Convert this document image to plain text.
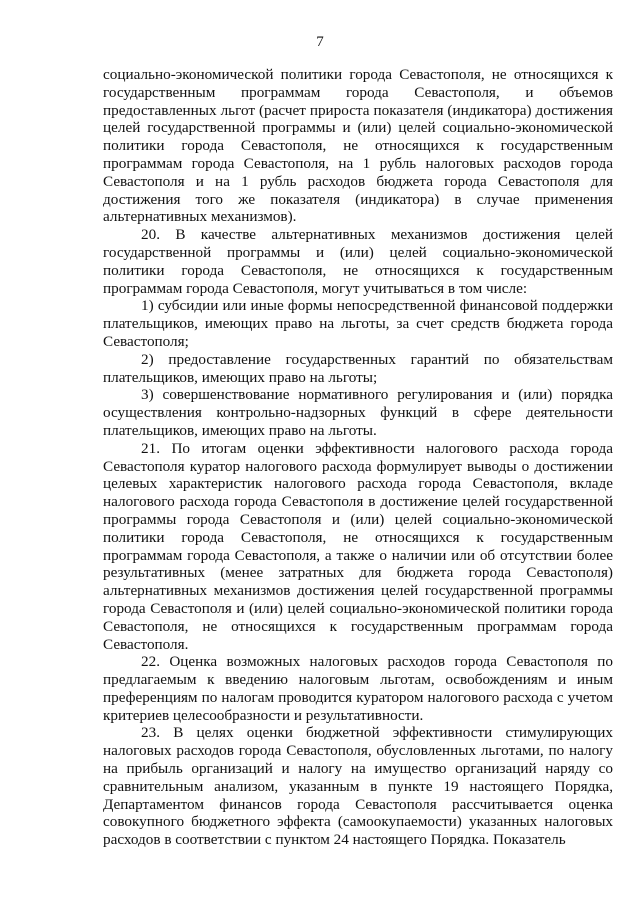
7

социально-экономической политики города Севастополя, не относящихся к государственным программам города Севастополя, и объемов предоставленных льгот (расчет прироста показателя (индикатора) достижения целей государственной программы и (или) целей социально-экономической политики города Севастополя, не относящихся к государственным программам города Севастополя, на 1 рубль налоговых расходов города Севастополя и на 1 рубль расходов бюджета города Севастополя для достижения того же показателя (индикатора) в случае применения альтернативных механизмов).

20. В качестве альтернативных механизмов достижения целей государственной программы и (или) целей социально-экономической политики города Севастополя, не относящихся к государственным программам города Севастополя, могут учитываться в том числе:

1) субсидии или иные формы непосредственной финансовой поддержки плательщиков, имеющих право на льготы, за счет средств бюджета города Севастополя;

2) предоставление государственных гарантий по обязательствам плательщиков, имеющих право на льготы;

3) совершенствование нормативного регулирования и (или) порядка осуществления контрольно-надзорных функций в сфере деятельности плательщиков, имеющих право на льготы.

21. По итогам оценки эффективности налогового расхода города Севастополя куратор налогового расхода формулирует выводы о достижении целевых характеристик налогового расхода города Севастополя, вкладе налогового расхода города Севастополя в достижение целей государственной программы города Севастополя и (или) целей социально-экономической политики города Севастополя, не относящихся к государственным программам города Севастополя, а также о наличии или об отсутствии более результативных (менее затратных для бюджета города Севастополя) альтернативных механизмов достижения целей государственной программы города Севастополя и (или) целей социально-экономической политики города Севастополя, не относящихся к государственным программам города Севастополя.

22. Оценка возможных налоговых расходов города Севастополя по предлагаемым к введению налоговым льготам, освобождениям и иным преференциям по налогам проводится куратором налогового расхода с учетом критериев целесообразности и результативности.

23. В целях оценки бюджетной эффективности стимулирующих налоговых расходов города Севастополя, обусловленных льготами, по налогу на прибыль организаций и налогу на имущество организаций наряду со сравнительным анализом, указанным в пункте 19 настоящего Порядка, Департаментом финансов города Севастополя рассчитывается оценка совокупного бюджетного эффекта (самоокупаемости) указанных налоговых расходов в соответствии с пунктом 24 настоящего Порядка. Показатель
